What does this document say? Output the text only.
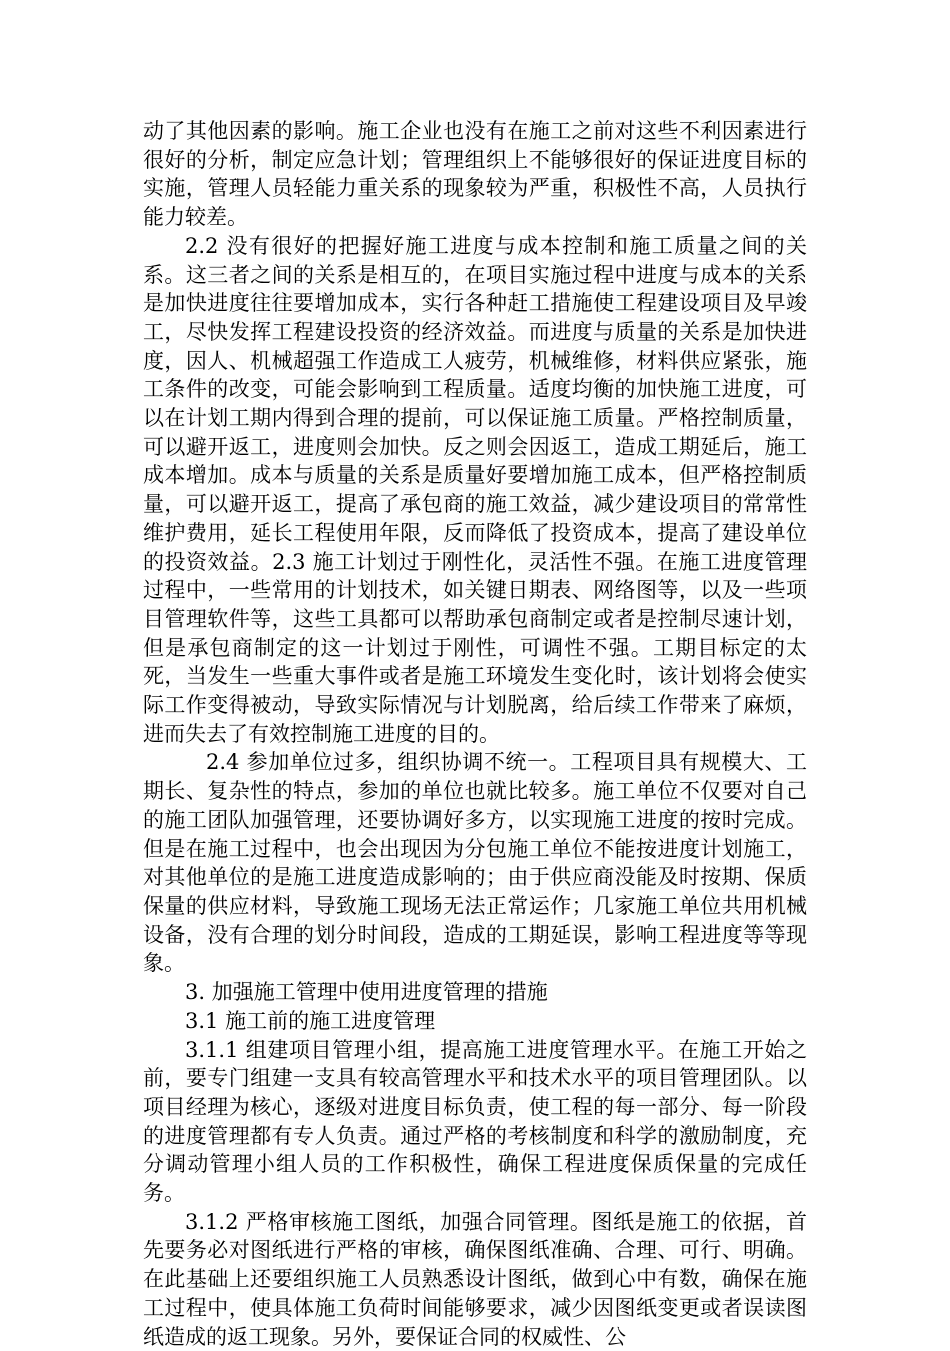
动了其他因素的影响。施工企业也没有在施工之前对这些不利因素进行很好的分析，制定应急计划；管理组织上不能够很好的保证进度目标的实施，管理人员轻能力重关系的现象较为严重，积极性不高，人员执行能力较差。

2.2 没有很好的把握好施工进度与成本控制和施工质量之间的关系。这三者之间的关系是相互的，在项目实施过程中进度与成本的关系是加快进度往往要增加成本，实行各种赶工措施使工程建设项目及早竣工，尽快发挥工程建设投资的经济效益。而进度与质量的关系是加快进度，因人、机械超强工作造成工人疲劳，机械维修，材料供应紧张，施工条件的改变，可能会影响到工程质量。适度均衡的加快施工进度，可以在计划工期内得到合理的提前，可以保证施工质量。严格控制质量，可以避开返工，进度则会加快。反之则会因返工，造成工期延后，施工成本增加。成本与质量的关系是质量好要增加施工成本，但严格控制质量，可以避开返工，提高了承包商的施工效益，减少建设项目的常常性维护费用，延长工程使用年限，反而降低了投资成本，提高了建设单位的投资效益。2.3 施工计划过于刚性化，灵活性不强。在施工进度管理过程中，一些常用的计划技术，如关键日期表、网络图等，以及一些项目管理软件等，这些工具都可以帮助承包商制定或者是控制尽速计划，但是承包商制定的这一计划过于刚性，可调性不强。工期目标定的太死，当发生一些重大事件或者是施工环境发生变化时，该计划将会使实际工作变得被动，导致实际情况与计划脱离，给后续工作带来了麻烦，进而失去了有效控制施工进度的目的。

2.4 参加单位过多，组织协调不统一。工程项目具有规模大、工期长、复杂性的特点，参加的单位也就比较多。施工单位不仅要对自己的施工团队加强管理，还要协调好多方，以实现施工进度的按时完成。但是在施工过程中，也会出现因为分包施工单位不能按进度计划施工，对其他单位的是施工进度造成影响的；由于供应商没能及时按期、保质保量的供应材料，导致施工现场无法正常运作；几家施工单位共用机械设备，没有合理的划分时间段，造成的工期延误，影响工程进度等等现象。

3. 加强施工管理中使用进度管理的措施

3.1 施工前的施工进度管理

3.1.1 组建项目管理小组，提高施工进度管理水平。在施工开始之前，要专门组建一支具有较高管理水平和技术水平的项目管理团队。以项目经理为核心，逐级对进度目标负责，使工程的每一部分、每一阶段的进度管理都有专人负责。通过严格的考核制度和科学的激励制度，充分调动管理小组人员的工作积极性，确保工程进度保质保量的完成任务。

3.1.2 严格审核施工图纸，加强合同管理。图纸是施工的依据，首先要务必对图纸进行严格的审核，确保图纸准确、合理、可行、明确。在此基础上还要组织施工人员熟悉设计图纸，做到心中有数，确保在施工过程中，使具体施工负荷时间能够要求，减少因图纸变更或者误读图纸造成的返工现象。另外，要保证合同的权威性、公
